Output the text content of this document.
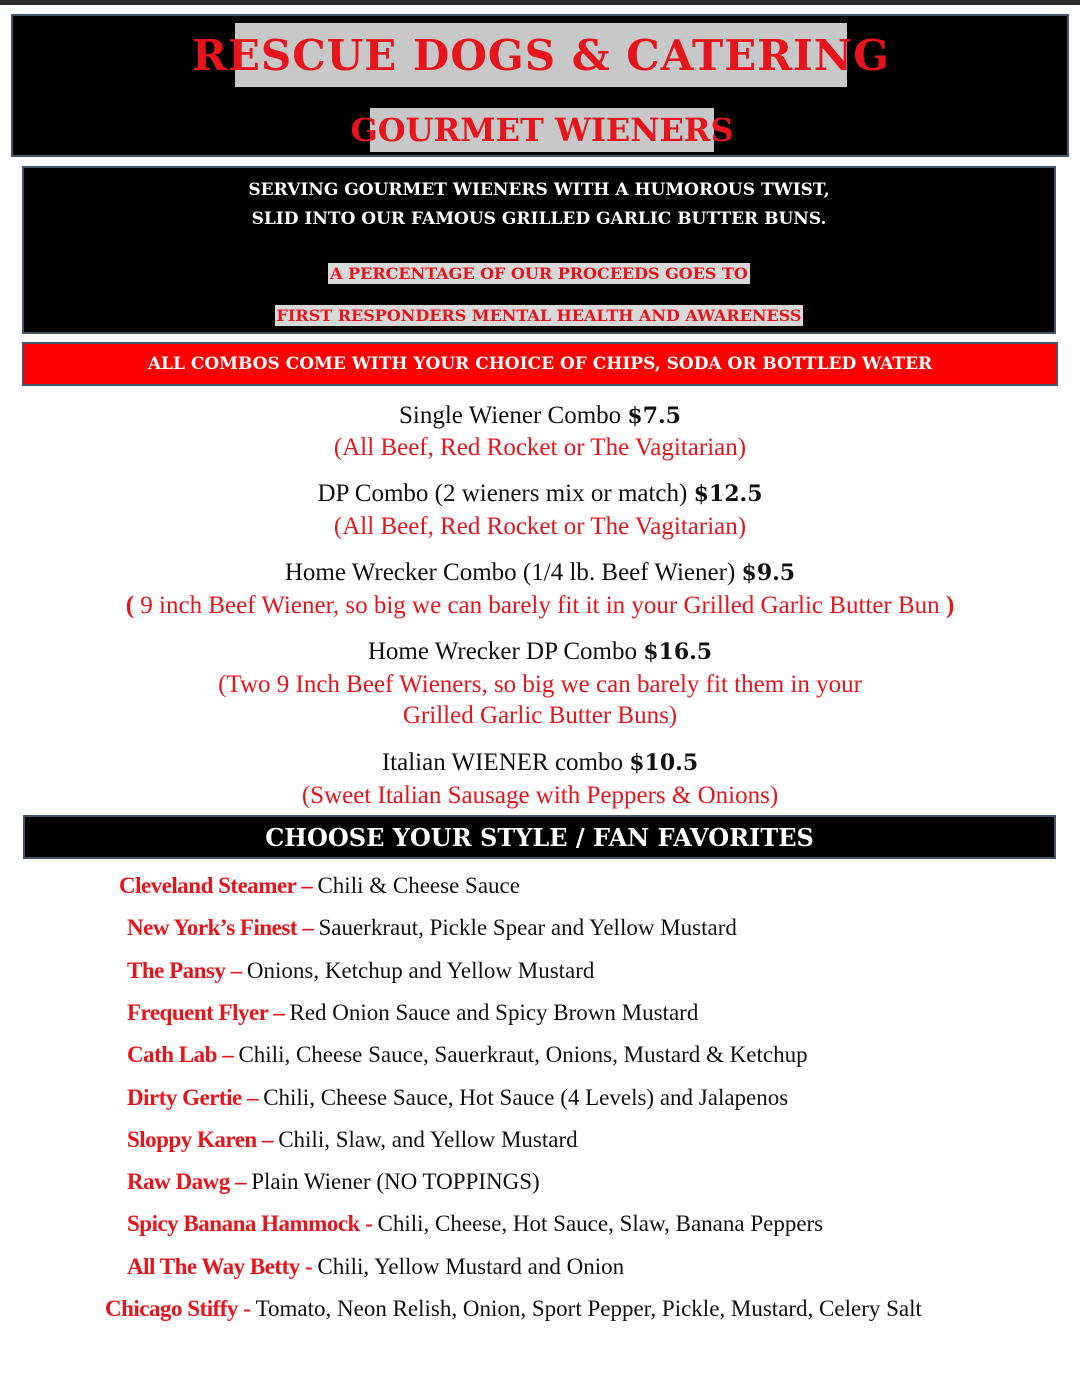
RESCUE DOGS & CATERING
GOURMET WIENERS
SERVING GOURMET WIENERS WITH A HUMOROUS TWIST,
SLID INTO OUR FAMOUS GRILLED GARLIC BUTTER BUNS.
A PERCENTAGE OF OUR PROCEEDS GOES TO
FIRST RESPONDERS MENTAL HEALTH AND AWARENESS
ALL COMBOS COME WITH YOUR CHOICE OF CHIPS, SODA OR BOTTLED WATER
Single Wiener Combo $7.5
(All Beef, Red Rocket or The Vagitarian)
DP Combo (2 wieners mix or match) $12.5
(All Beef, Red Rocket or The Vagitarian)
Home Wrecker Combo (1/4 lb. Beef Wiener) $9.5
( 9 inch Beef Wiener, so big we can barely fit it in your Grilled Garlic Butter Bun )
Home Wrecker DP Combo $16.5
(Two 9 Inch Beef Wieners, so big we can barely fit them in your
Grilled Garlic Butter Buns)
Italian WIENER combo $10.5
(Sweet Italian Sausage with Peppers & Onions)
CHOOSE YOUR STYLE / FAN FAVORITES
Cleveland Steamer – Chili & Cheese Sauce
New York’s Finest – Sauerkraut, Pickle Spear and Yellow Mustard
The Pansy – Onions, Ketchup and Yellow Mustard
Frequent Flyer – Red Onion Sauce and Spicy Brown Mustard
Cath Lab – Chili, Cheese Sauce, Sauerkraut, Onions, Mustard & Ketchup
Dirty Gertie – Chili, Cheese Sauce, Hot Sauce (4 Levels) and Jalapenos
Sloppy Karen – Chili, Slaw, and Yellow Mustard
Raw Dawg – Plain Wiener (NO TOPPINGS)
Spicy Banana Hammock - Chili, Cheese, Hot Sauce, Slaw, Banana Peppers
All The Way Betty - Chili, Yellow Mustard and Onion
Chicago Stiffy - Tomato, Neon Relish, Onion, Sport Pepper, Pickle, Mustard, Celery Salt
